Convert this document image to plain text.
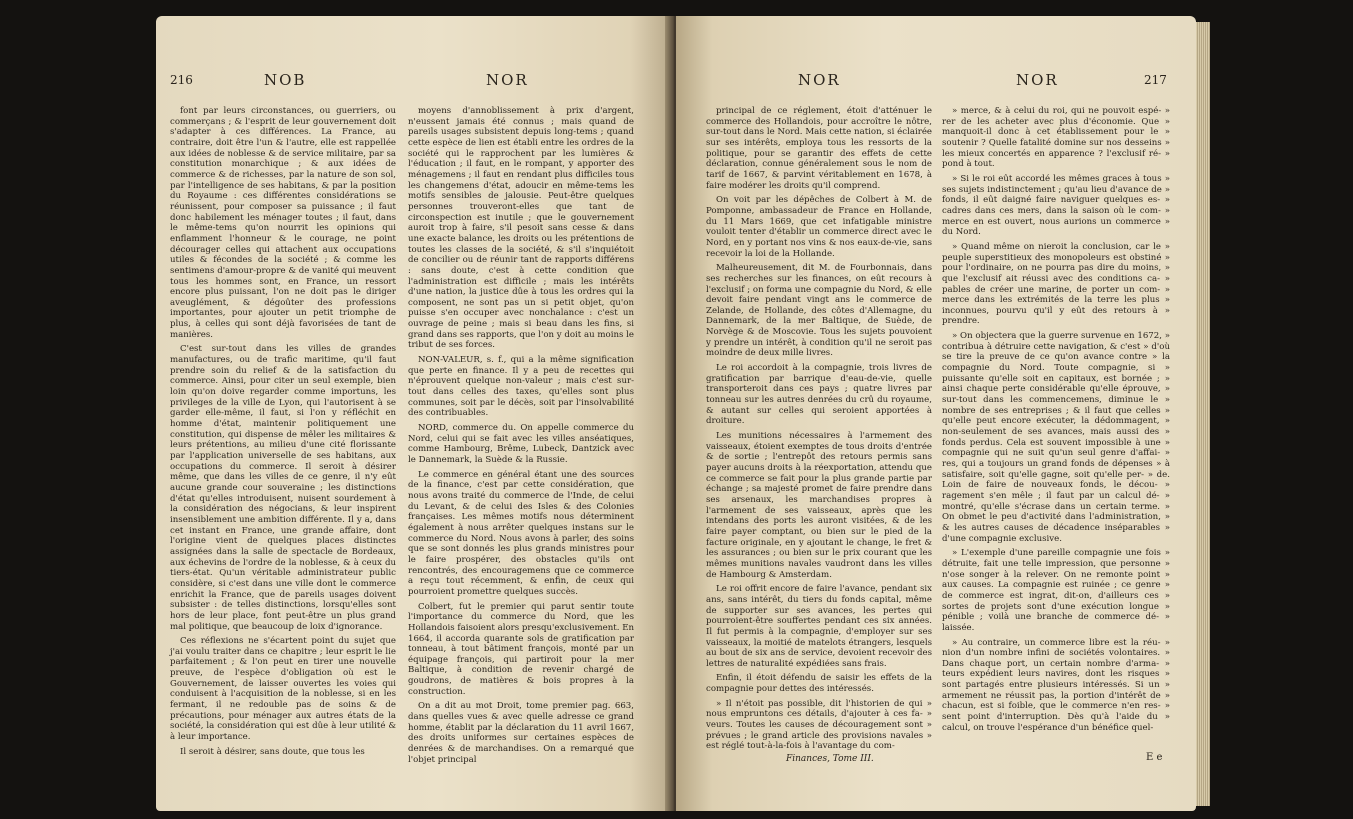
216	NOB	NOR

font par leurs circonstances, ou guerriers, ou commerçans ; & l'esprit de leur gouvernement doit s'adapter à ces différences. La France, au contraire, doit être l'un & l'autre, elle est rappellée aux idées de noblesse & de service militaire, par sa constitution monarchique ; & aux idées de commerce & de richesses, par la nature de son sol, par l'intelligence de ses habitans, & par la position du Royaume : ces différentes considérations se réunissent, pour composer sa puissance ; il faut donc habilement les ménager toutes ; il faut, dans le même-tems qu'on nourrit les opinions qui enflamment l'honneur & le courage, ne point décourager celles qui attachent aux occupations utiles & fécondes de la société ; & comme les sentimens d'amour-propre & de vanité qui meuvent tous les hommes sont, en France, un ressort encore plus puissant, l'on ne doit pas le diriger aveuglément, & dégoûter des professions importantes, pour ajouter un petit triomphe de plus, à celles qui sont déjà favorisées de tant de manières.

C'est sur-tout dans les villes de grandes manufactures, ou de trafic maritime, qu'il faut prendre soin du relief & de la satisfaction du commerce. Ainsi, pour citer un seul exemple, bien loin qu'on doive regarder comme importuns, les privileges de la ville de Lyon, qui l'autorisent à se garder elle-même, il faut, si l'on y réfléchit en homme d'état, maintenir politiquement une constitution, qui dispense de mêler les militaires & leurs prétentions, au milieu d'une cité florissante par l'application universelle de ses habitans, aux occupations du commerce. Il seroit à désirer même, que dans les villes de ce genre, il n'y eût aucune grande cour souveraine ; les distinctions d'état qu'elles introduisent, nuisent sourdement à la considération des négocians, & leur inspirent insensiblement une ambition différente. Il y a, dans cet instant en France, une grande affaire, dont l'origine vient de quelques places distinctes assignées dans la salle de spectacle de Bordeaux, aux échevins de l'ordre de la noblesse, & à ceux du tiers-état. Qu'un véritable administrateur public considère, si c'est dans une ville dont le commerce enrichit la France, que de pareils usages doivent subsister : de telles distinctions, lorsqu'elles sont hors de leur place, font peut-être un plus grand mal politique, que beaucoup de loix d'ignorance.

Ces réflexions ne s'écartent point du sujet que j'ai voulu traiter dans ce chapitre ; leur esprit le lie parfaitement ; & l'on peut en tirer une nouvelle preuve, de l'espèce d'obligation où est le Gouvernement, de laisser ouvertes les voies qui conduisent à l'acquisition de la noblesse, si en les fermant, il ne redouble pas de soins & de précautions, pour ménager aux autres états de la société, la considération qui est dûe à leur utilité & à leur importance.

Il seroit à désirer, sans doute, que tous les

moyens d'annoblissement à prix d'argent, n'eussent jamais été connus ; mais quand de pareils usages subsistent depuis long-tems ; quand cette espèce de lien est établi entre les ordres de la société qui le rapprochent par les lumières & l'éducation ; il faut, en le rompant, y apporter des ménagemens ; il faut en rendant plus difficiles tous les changemens d'état, adoucir en même-tems les motifs sensibles de jalousie. Peut-être quelques personnes trouveront-elles que tant de circonspection est inutile ; que le gouvernement auroit trop à faire, s'il pesoit sans cesse & dans une exacte balance, les droits ou les prétentions de toutes les classes de la société, & s'il s'inquiétoit de concilier ou de réunir tant de rapports différens : sans doute, c'est à cette condition que l'administration est difficile ; mais les intérêts d'une nation, la justice dûe à tous les ordres qui la composent, ne sont pas un si petit objet, qu'on puisse s'en occuper avec nonchalance : c'est un ouvrage de peine ; mais si beau dans les fins, si grand dans ses rapports, que l'on y doit au moins le tribut de ses forces.

NON-VALEUR, s. f., qui a la même signification que perte en finance. Il y a peu de recettes qui n'éprouvent quelque non-valeur ; mais c'est sur-tout dans celles des taxes, qu'elles sont plus communes, soit par le décès, soit par l'insolvabilité des contribuables.

NORD, commerce du. On appelle commerce du Nord, celui qui se fait avec les villes anséatiques, comme Hambourg, Brême, Lubeck, Dantzick avec le Dannemark, la Suède & la Russie.

Le commerce en général étant une des sources de la finance, c'est par cette considération, que nous avons traité du commerce de l'Inde, de celui du Levant, & de celui des Isles & des Colonies françaises. Les mêmes motifs nous déterminent également à nous arrêter quelques instans sur le commerce du Nord. Nous avons à parler, des soins que se sont donnés les plus grands ministres pour le faire prospérer, des obstacles qu'ils ont rencontrés, des encouragemens que ce commerce a reçu tout récemment, & enfin, de ceux qui pourroient promettre quelques succès.

Colbert, fut le premier qui parut sentir toute l'importance du commerce du Nord, que les Hollandois faisoient alors presqu'exclusivement. En 1664, il accorda quarante sols de gratification par tonneau, à tout bâtiment françois, monté par un équipage françois, qui partiroit pour la mer Baltique, à condition de revenir chargé de goudrons, de matières & bois propres à la construction.

On a dit au mot Droit, tome premier pag. 663, dans quelles vues & avec quelle adresse ce grand homme, établit par la déclaration du 11 avril 1667, des droits uniformes sur certaines espèces de denrées & de marchandises. On a remarqué que l'objet principal

NOR	NOR	217

principal de ce réglement, étoit d'atténuer le commerce des Hollandois, pour accroître le nôtre, sur-tout dans le Nord. Mais cette nation, si éclairée sur ses intérêts, employa tous les ressorts de la politique, pour se garantir des effets de cette déclaration, connue généralement sous le nom de tarif de 1667, & parvint véritablement en 1678, à faire modérer les droits qu'il comprend.

On voit par les dépêches de Colbert à M. de Pomponne, ambassadeur de France en Hollande, du 11 Mars 1669, que cet infatigable ministre vouloit tenter d'établir un commerce direct avec le Nord, en y portant nos vins & nos eaux-de-vie, sans recevoir la loi de la Hollande.

Malheureusement, dit M. de Fourbonnais, dans ses recherches sur les finances, on eût recours à l'exclusif ; on forma une compagnie du Nord, & elle devoit faire pendant vingt ans le commerce de Zelande, de Hollande, des côtes d'Allemagne, du Dannemark, de la mer Baltique, de Suède, de Norvège & de Moscovie. Tous les sujets pouvoient y prendre un intérêt, à condition qu'il ne seroit pas moindre de deux mille livres.

Le roi accordoit à la compagnie, trois livres de gratification par barrique d'eau-de-vie, quelle transporteroit dans ces pays ; quatre livres par tonneau sur les autres denrées du crû du royaume, & autant sur celles qui seroient apportées à droiture.

Les munitions nécessaires à l'armement des vaisseaux, étoient exemptes de tous droits d'entrée & de sortie ; l'entrepôt des retours permis sans payer aucuns droits à la réexportation, attendu que ce commerce se fait pour la plus grande partie par échange ; sa majesté promet de faire prendre dans ses arsenaux, les marchandises propres à l'armement de ses vaisseaux, après que les intendans des ports les auront visitées, & de les faire payer comptant, ou bien sur le pied de la facture originale, en y ajoutant le change, le fret & les assurances ; ou bien sur le prix courant que les mêmes munitions navales vaudront dans les villes de Hambourg & Amsterdam.

Le roi offrit encore de faire l'avance, pendant six ans, sans intérêt, du tiers du fonds capital, même de supporter sur ses avances, les pertes qui pourroient-être souffertes pendant ces six années. Il fut permis à la compagnie, d'employer sur ses vaisseaux, la moitié de matelots étrangers, lesquels au bout de six ans de service, devoient recevoir des lettres de naturalité expédiées sans frais.

Enfin, il étoit défendu de saisir les effets de la compagnie pour dettes des intéressés.

» Il n'étoit pas possible, dit l'historien de qui » nous empruntons ces détails, d'ajouter à ces fa- » veurs. Toutes les causes de découragement sont » prévues ; le grand article des provisions navales » est réglé tout-à-la-fois à l'avantage du com-

» merce, & à celui du roi, qui ne pouvoit espé- » rer de les acheter avec plus d'économie. Que » manquoit-il donc à cet établissement pour le » soutenir ? Quelle fatalité domine sur nos desseins » les mieux concertés en apparence ? l'exclusif ré- » pond à tout.

» Si le roi eût accordé les mêmes graces à tous » ses sujets indistinctement ; qu'au lieu d'avance de » fonds, il eût daigné faire naviguer quelques es- » cadres dans ces mers, dans la saison où le com- » merce en est ouvert, nous aurions un commerce » du Nord.

» Quand même on nieroit la conclusion, car le » peuple superstitieux des monopoleurs est obstiné » pour l'ordinaire, on ne pourra pas dire du moins, » que l'exclusif ait réussi avec des conditions ca- » pables de créer une marine, de porter un com- » merce dans les extrémités de la terre les plus » inconnues, pourvu qu'il y eût des retours à » prendre.

» On objectera que la guerre survenue en 1672, » contribua à détruire cette navigation, & c'est » d'où se tire la preuve de ce qu'on avance contre » la compagnie du Nord. Toute compagnie, si » puissante qu'elle soit en capitaux, est bornée ; » ainsi chaque perte considérable qu'elle éprouve, » sur-tout dans les commencemens, diminue le » nombre de ses entreprises ; & il faut que celles » qu'elle peut encore exécuter, la dédommagent, » non-seulement de ses avances, mais aussi des » fonds perdus. Cela est souvent impossible à une » compagnie qui ne suit qu'un seul genre d'affai- » res, qui a toujours un grand fonds de dépenses » à satisfaire, soit qu'elle gagne, soit qu'elle per- » de. Loin de faire de nouveaux fonds, le décou- » ragement s'en mêle ; il faut par un calcul dé- » montré, qu'elle s'écrase dans un certain terme. » On obmet le peu d'activité dans l'administration, » & les autres causes de décadence inséparables » d'une compagnie exclusive.

» L'exemple d'une pareille compagnie une fois » détruite, fait une telle impression, que personne » n'ose songer à la relever. On ne remonte point » aux causes. La compagnie est ruinée ; ce genre » de commerce est ingrat, dit-on, d'ailleurs ces » sortes de projets sont d'une exécution longue » pénible ; voilà une branche de commerce dé- » laissée.

» Au contraire, un commerce libre est la réu- » nion d'un nombre infini de sociétés volontaires. » Dans chaque port, un certain nombre d'arma- » teurs expédient leurs navires, dont les risques » sont partagés entre plusieurs intéressés. Si un » armement ne réussit pas, la portion d'intérêt de » chacun, est si foible, que le commerce n'en res- » sent point d'interruption. Dès qu'à l'aide du » calcul, on trouve l'espérance d'un bénéfice quel-

Finances, Tome III.	E e
